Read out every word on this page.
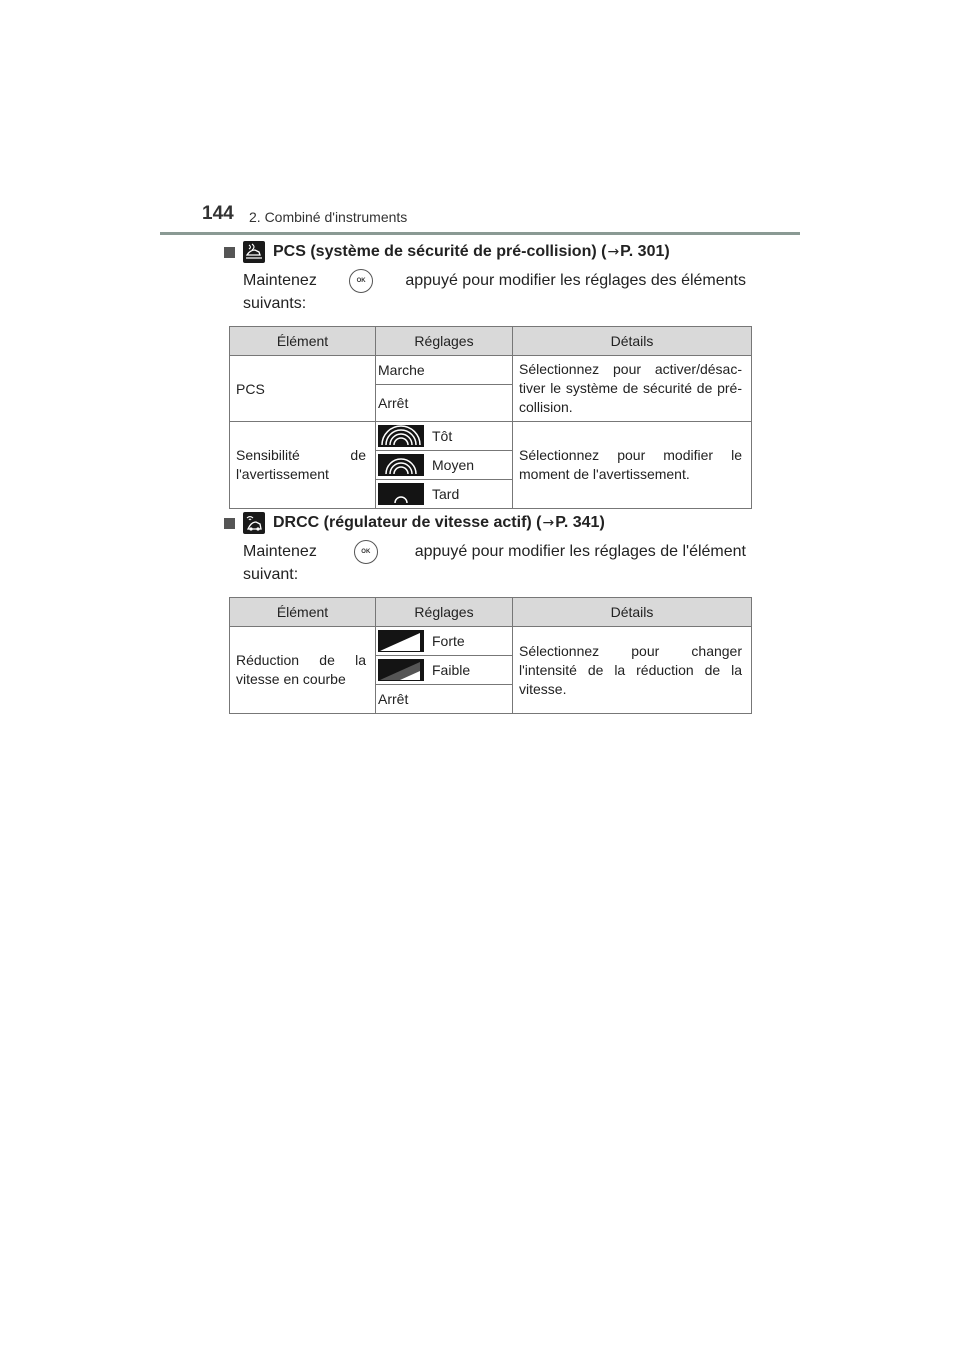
144 2. Combiné d'instruments
PCS (système de sécurité de pré-collision) ( → P. 301)
Maintenez	OK	appuyé pour modifier les réglages des éléments
suivants:
Élément	Réglages	Détails
PCS	Marche	Sélectionnez pour activer/désac-tiver le système de sécurité de pré-collision.
	Arrêt	
Sensibilité de l'avertissement	Tôt	Sélectionnez pour modifier le moment de l'avertissement.

	Moyen	

	Tard	
DRCC (régulateur de vitesse actif) ( → P. 341)
Maintenez	OK	appuyé pour modifier les réglages de l'élément
suivant:
Élément	Réglages	Détails
Réduction de la vitesse en courbe	Forte	Sélectionnez pour changer l'intensité de la réduction de la vitesse.

	Faible	

	Arrêt	
